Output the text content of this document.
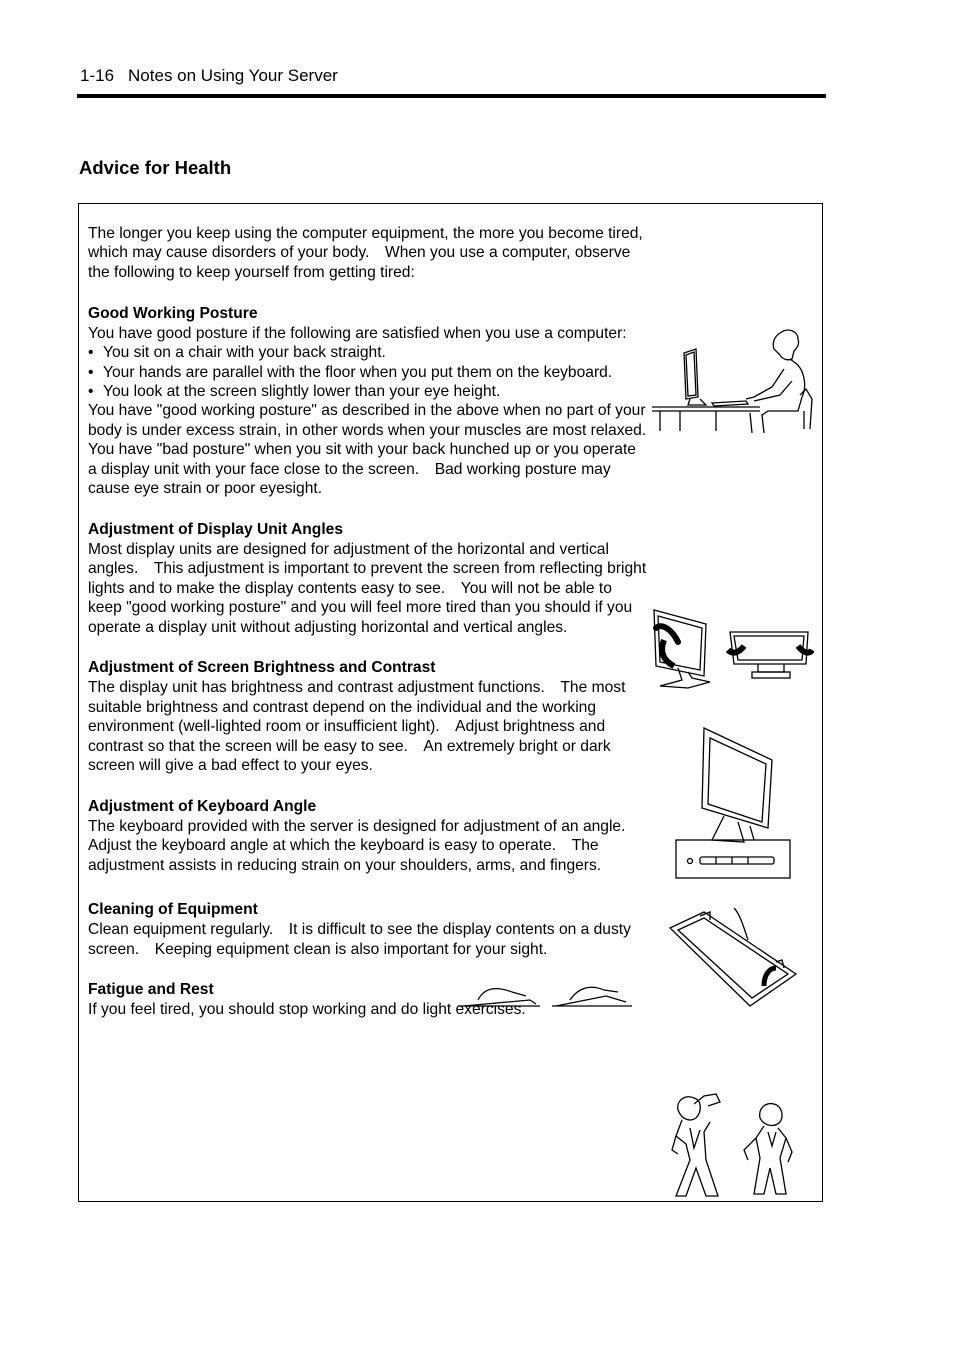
1-16 Notes on Using Your Server
Advice for Health

The longer you keep using the computer equipment, the more you become tired, which may cause disorders of your body.　When you use a computer, observe the following to keep yourself from getting tired:

Good Working Posture

You have good posture if the following are satisfied when you use a computer:

• You sit on a chair with your back straight.
• Your hands are parallel with the floor when you put them on the keyboard.
• You look at the screen slightly lower than your eye height.

You have "good working posture" as described in the above when no part of your body is under excess strain, in other words when your muscles are most relaxed.

You have "bad posture" when you sit with your back hunched up or you operate a display unit with your face close to the screen.　Bad working posture may cause eye strain or poor eyesight.

Adjustment of Display Unit Angles

Most display units are designed for adjustment of the horizontal and vertical angles.　This adjustment is important to prevent the screen from reflecting bright lights and to make the display contents easy to see.　You will not be able to keep "good working posture" and you will feel more tired than you should if you operate a display unit without adjusting horizontal and vertical angles.

Adjustment of Screen Brightness and Contrast

The display unit has brightness and contrast adjustment functions.　The most suitable brightness and contrast depend on the individual and the working environment (well-lighted room or insufficient light).　Adjust brightness and contrast so that the screen will be easy to see.　An extremely bright or dark screen will give a bad effect to your eyes.

Adjustment of Keyboard Angle

The keyboard provided with the server is designed for adjustment of an angle.　Adjust the keyboard angle at which the keyboard is easy to operate.　The adjustment assists in reducing strain on your shoulders, arms, and fingers.

Cleaning of Equipment

Clean equipment regularly.　It is difficult to see the display contents on a dusty screen.　Keeping equipment clean is also important for your sight.

Fatigue and Rest

If you feel tired, you should stop working and do light exercises.
